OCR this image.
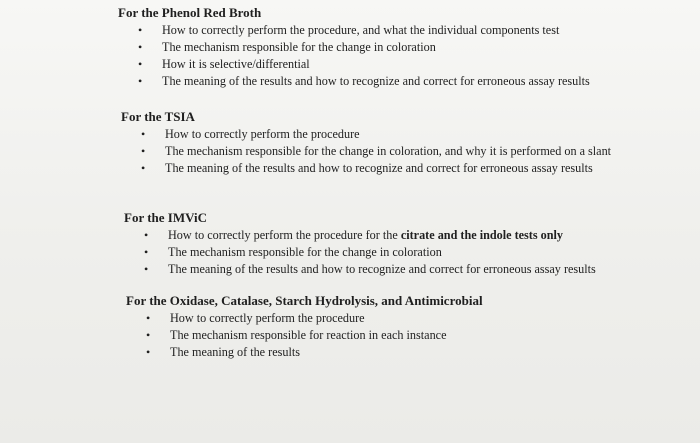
For the Phenol Red Broth
•	How to correctly perform the procedure, and what the individual components test
•	The mechanism responsible for the change in coloration
•	How it is selective/differential
•	The meaning of the results and how to recognize and correct for erroneous assay results
For the TSIA
•	How to correctly perform the procedure
•	The mechanism responsible for the change in coloration, and why it is performed on a slant
•	The meaning of the results and how to recognize and correct for erroneous assay results
For the IMViC
•	How to correctly perform the procedure for the citrate and the indole tests only
•	The mechanism responsible for the change in coloration
•	The meaning of the results and how to recognize and correct for erroneous assay results
For the Oxidase, Catalase, Starch Hydrolysis, and Antimicrobial
•	How to correctly perform the procedure
•	The mechanism responsible for reaction in each instance
•	The meaning of the results
